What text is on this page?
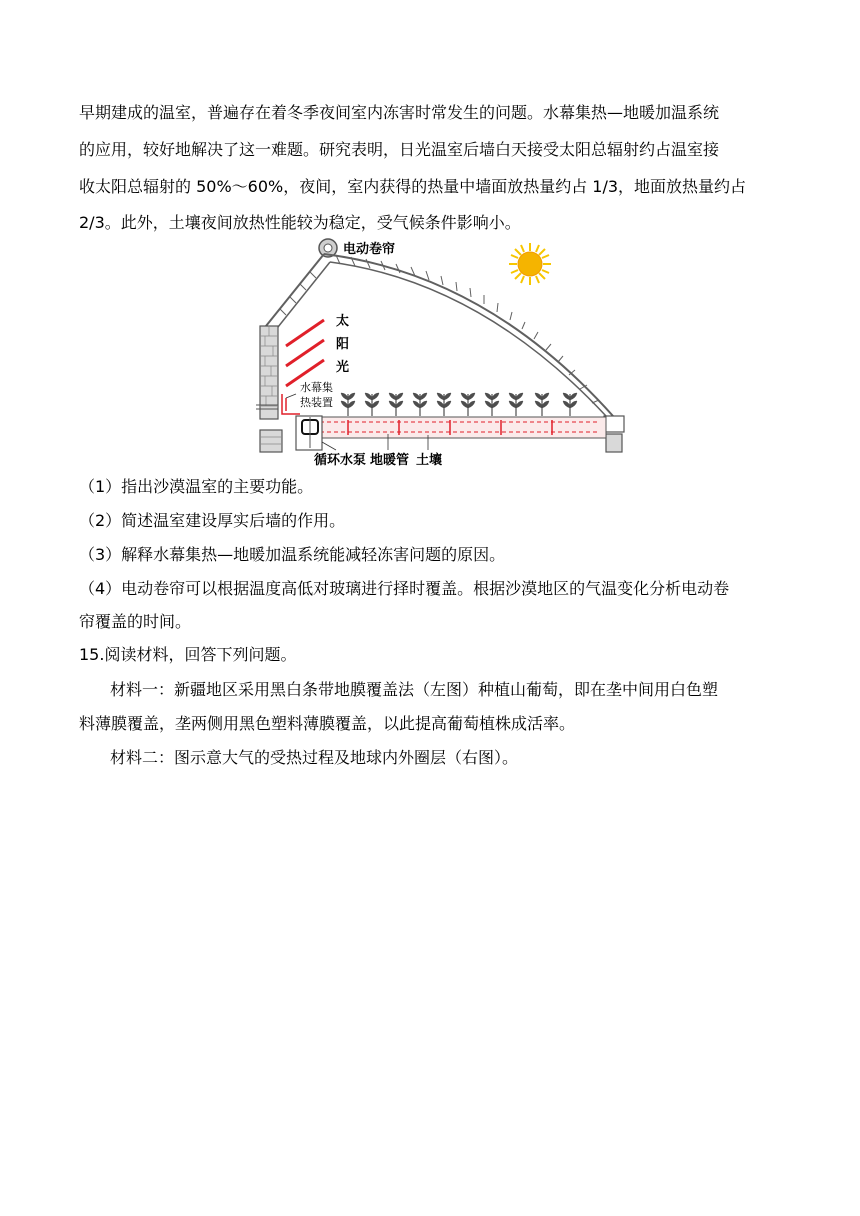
早期建成的温室，普遍存在着冬季夜间室内冻害时常发生的问题。水幕集热—地暖加温系统

的应用，较好地解决了这一难题。研究表明，日光温室后墙白天接受太阳总辐射约占温室接

收太阳总辐射的 50%～60%，夜间，室内获得的热量中墙面放热量约占 1/3，地面放热量约占

2/3。此外，土壤夜间放热性能较为稳定，受气候条件影响小。

电动卷帘
太
阳
光
水幕集
热装置
循环水泵 地暖管 土壤

（1）指出沙漠温室的主要功能。

（2）简述温室建设厚实后墙的作用。

（3）解释水幕集热—地暖加温系统能减轻冻害问题的原因。

（4）电动卷帘可以根据温度高低对玻璃进行择时覆盖。根据沙漠地区的气温变化分析电动卷

帘覆盖的时间。

15.阅读材料，回答下列问题。

材料一：新疆地区采用黑白条带地膜覆盖法（左图）种植山葡萄，即在垄中间用白色塑

料薄膜覆盖，垄两侧用黑色塑料薄膜覆盖，以此提高葡萄植株成活率。

材料二：图示意大气的受热过程及地球内外圈层（右图）。
